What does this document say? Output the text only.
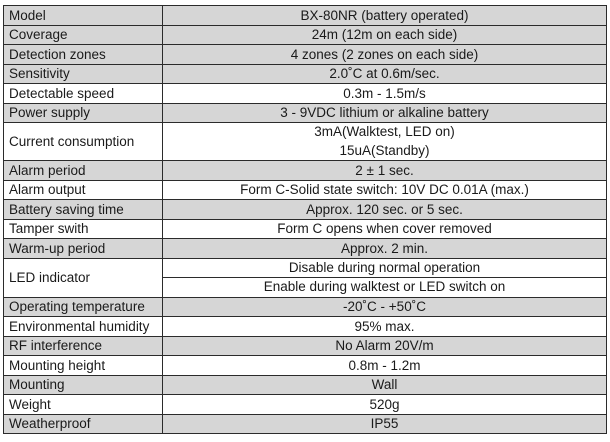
Model	BX-80NR (battery operated)
Coverage	24m (12m on each side)
Detection zones	4 zones (2 zones on each side)
Sensitivity	2.0˚C at 0.6m/sec.
Detectable speed	0.3m - 1.5m/s
Power supply	3 - 9VDC lithium or alkaline battery
Current consumption	3mA(Walktest, LED on)
15uA(Standby)

Alarm period	2 ± 1 sec.
Alarm output	Form C-Solid state switch: 10V DC 0.01A (max.)
Battery saving time	Approx. 120 sec. or 5 sec.
Tamper swith	Form C opens when cover removed
Warm-up period	Approx. 2 min.
LED indicator	Disable during normal operation
Enable during walktest or LED switch on

Operating temperature	-20˚C - +50˚C
Environmental humidity	95% max.
RF interference	No Alarm 20V/m
Mounting height	0.8m - 1.2m
Mounting	Wall
Weight	520g
Weatherproof	IP55
